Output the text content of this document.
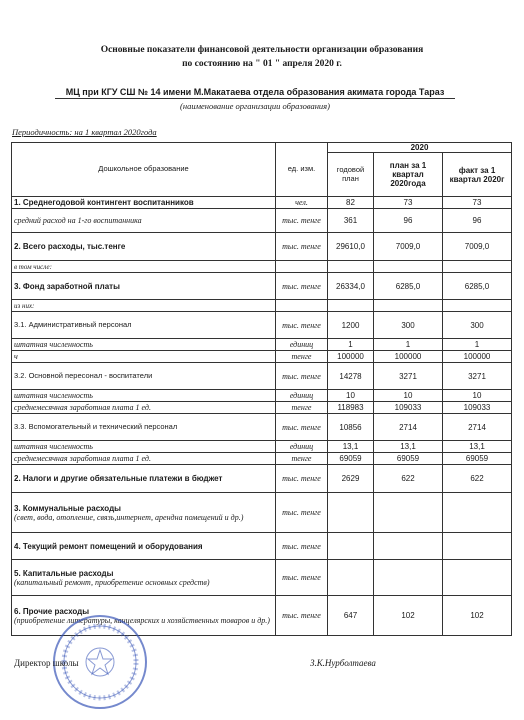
Основные показатели финансовой деятельности организации образования
по состоянию на " 01 " апреля 2020 г.
МЦ при КГУ СШ № 14 имени М.Макатаева отдела образования акимата города Тараз
(наименование организации образования)
Периодичность: на 1 квартал 2020года
Дошкольное образование	ед. изм.	2020		
		годовой план	план за 1 квартал 2020года	факт за 1 квартал 2020г
1. Среднегодовой контингент воспитанников	чел.	82	73	73
средний расход на 1-го воспитанника	тыс. тенге	361	96	96
2. Всего расходы, тыс.тенге	тыс. тенге	29610,0	7009,0	7009,0
в том числе:				
3. Фонд заработной платы	тыс. тенге	26334,0	6285,0	6285,0
из них:				
3.1. Административный персонал	тыс. тенге	1200	300	300
штатная численность	единиц	1	1	1
ч	тенге	100000	100000	100000
3.2. Основной пересонал - воспитатели	тыс. тенге	14278	3271	3271
штатная численность	единиц	10	10	10
среднемесячная заработная плата 1 ед.	тенге	118983	109033	109033
3.3. Вспомогательный и технический персонал	тыс. тенге	10856	2714	2714
штатная численность	единиц	13,1	13,1	13,1
среднемесячная заработная плата 1 ед.	тенге	69059	69059	69059
2. Налоги и другие обязательные платежи в бюджет	тыс. тенге	2629	622	622

3. Коммунальные расходы
(свет, вода, отопление, связь,интернет, арендна помещений и др.)	тыс. тенге			
4. Текущий ремонт помещений и оборудования	тыс. тенге			

5. Капитальные расходы
(капитальный ремонт, приобретение основных средств)	тыс. тенге			

6. Прочие расходы
(приобретение литературы, канцелярских и хозяйственных товаров и др.)	тыс. тенге	647	102	102
Директор школы	З.К.Нурболтаева
